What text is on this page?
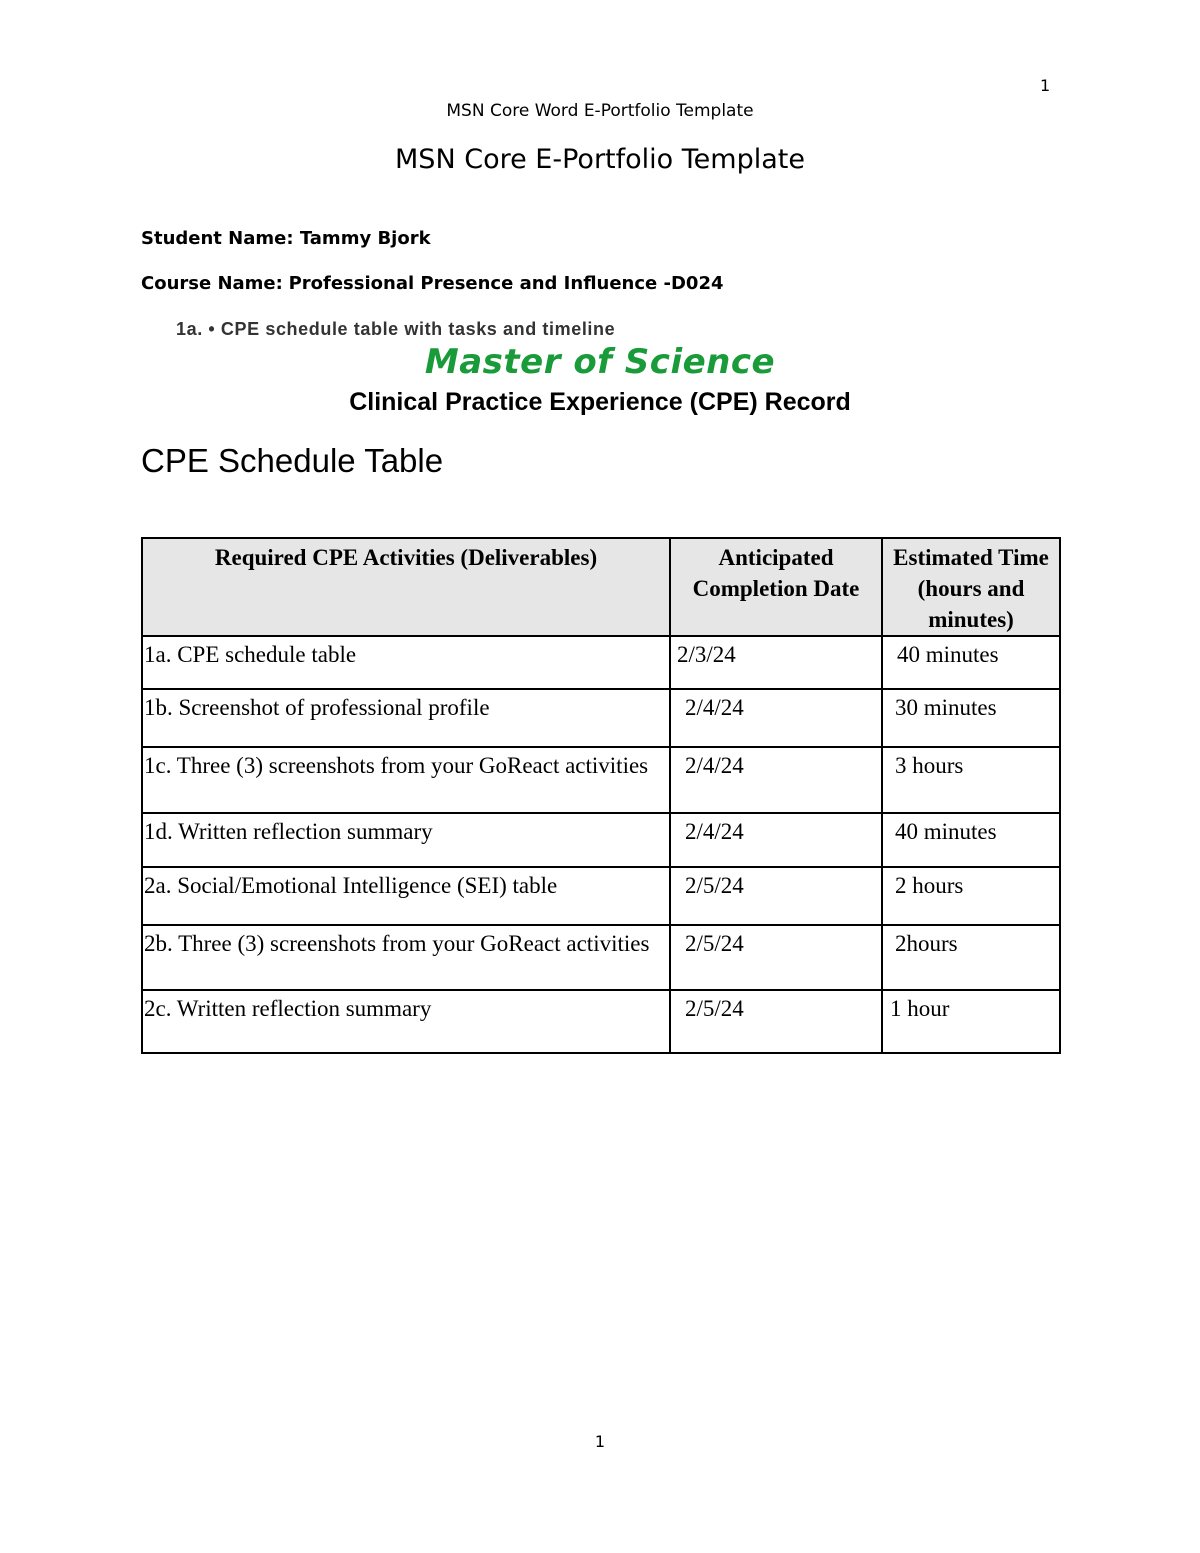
1
MSN Core Word E-Portfolio Template
MSN Core E-Portfolio Template
Student Name: Tammy Bjork
Course Name: Professional Presence and Influence -D024
1a. • CPE schedule table with tasks and timeline
Master of Science
Clinical Practice Experience (CPE) Record
CPE Schedule Table
Required CPE Activities (Deliverables)	Anticipated Completion Date	Estimated Time (hours and minutes)
1a. CPE schedule table	2/3/24	40 minutes
1b. Screenshot of professional profile	2/4/24	30 minutes
1c. Three (3) screenshots from your GoReact activities	2/4/24	3 hours
1d. Written reflection summary	2/4/24	40 minutes
2a. Social/Emotional Intelligence (SEI) table	2/5/24	2 hours
2b. Three (3) screenshots from your GoReact activities	2/5/24	2hours
2c. Written reflection summary	2/5/24	1 hour
1
